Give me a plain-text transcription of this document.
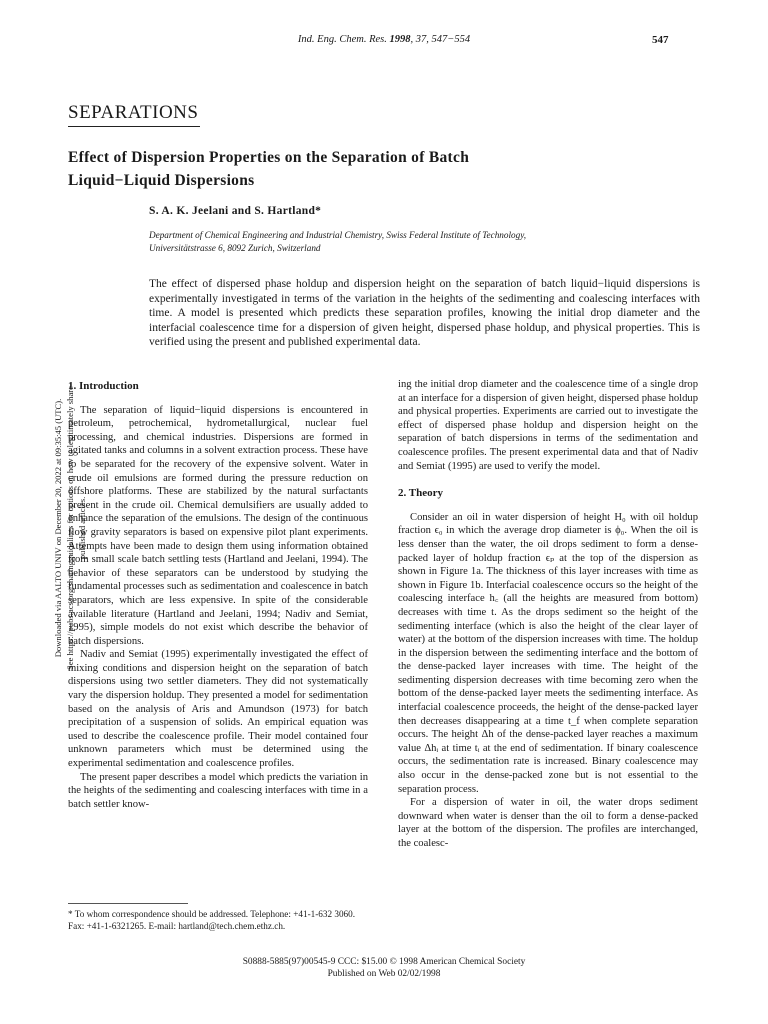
Ind. Eng. Chem. Res. 1998, 37, 547−554	547
SEPARATIONS
Effect of Dispersion Properties on the Separation of Batch
Liquid−Liquid Dispersions
S. A. K. Jeelani and S. Hartland*
Department of Chemical Engineering and Industrial Chemistry, Swiss Federal Institute of Technology,
Universitätstrasse 6, 8092 Zurich, Switzerland
The effect of dispersed phase holdup and dispersion height on the separation of batch liquid−liquid dispersions is experimentally investigated in terms of the variation in the heights of the sedimenting and coalescing interfaces with time. A model is presented which predicts these separation profiles, knowing the initial drop diameter and the interfacial coalescence time for a dispersion of given height, dispersed phase holdup, and physical properties. This is verified using the present and published experimental data.
Downloaded via AALTO UNIV on December 20, 2022 at 09:35:45 (UTC). See https://pubs.acs.org/sharingguidelines for options on how to legitimately share published articles.
1. Introduction

The separation of liquid−liquid dispersions is encountered in petroleum, petrochemical, hydrometallurgical, nuclear fuel processing, and chemical industries. Dispersions are formed in agitated tanks and columns in a solvent extraction process. These have to be separated for the recovery of the expensive solvent. Water in crude oil emulsions are formed during the pressure reduction on offshore platforms. These are stabilized by the natural surfactants present in the crude oil. Chemical demulsifiers are usually added to enhance the separation of the emulsions. The design of the continuous flow gravity separators is based on expensive pilot plant experiments. Attempts have been made to design them using information obtained from small scale batch settling tests (Hartland and Jeelani, 1994). The behavior of these separators can be understood by studying the fundamental processes such as sedimentation and coalescence in batch separators, which are less expensive. In spite of the considerable available literature (Hartland and Jeelani, 1994; Nadiv and Semiat, 1995), simple models do not exist which describe the behavior of batch dispersions.

Nadiv and Semiat (1995) experimentally investigated the effect of mixing conditions and dispersion height on the separation of batch dispersions using two settler diameters. They did not systematically vary the dispersion holdup. They presented a model for sedimentation based on the analysis of Aris and Amundson (1973) for batch precipitation of a suspension of solids. An empirical equation was used to describe the coalescence profile. Their model contained four unknown parameters which must be determined using the experimental sedimentation and coalescence profiles.

The present paper describes a model which predicts the variation in the heights of the sedimenting and coalescing interfaces with time in a batch settler know-

ing the initial drop diameter and the coalescence time of a single drop at an interface for a dispersion of given height, dispersed phase holdup and physical properties. Experiments are carried out to investigate the effect of dispersed phase holdup and dispersion height on the separation of batch dispersions in terms of the sedimentation and coalescence profiles. The present experimental data and that of Nadiv and Semiat (1995) are used to verify the model.

2. Theory

Consider an oil in water dispersion of height H₀ with oil holdup fraction ϵ₀ in which the average drop diameter is ϕ₀. When the oil is less denser than the water, the oil drops sediment to form a dense-packed layer of holdup fraction ϵₚ at the top of the dispersion as shown in Figure 1a. The thickness of this layer increases with time as shown in Figure 1b. Interfacial coalescence occurs so the height of the coalescing interface h꜀ (all the heights are measured from bottom) decreases with time t. As the drops sediment so the height of the sedimenting interface (which is also the height of the clear layer of water) at the bottom of the dispersion increases with time. The holdup in the dispersion between the sedimenting interface and the bottom of the dense-packed layer increases with time. The height of the sedimenting dispersion decreases with time becoming zero when the bottom of the dense-packed layer meets the sedimenting interface. As interfacial coalescence proceeds, the height of the dense-packed layer then decreases disappearing at a time t_f when complete separation occurs. The height Δh of the dense-packed layer reaches a maximum value Δhᵢ at time tᵢ at the end of sedimentation. If binary coalescence occurs, the sedimentation rate is increased. Binary coalescence may also occur in the dense-packed zone but is not essential to the separation process.

For a dispersion of water in oil, the water drops sediment downward when water is denser than the oil to form a dense-packed layer at the bottom of the dispersion. The profiles are interchanged, the coalesc-

* To whom correspondence should be addressed. Telephone: +41-1-632 3060. Fax: +41-1-6321265. E-mail: hartland@tech.chem.ethz.ch.
S0888-5885(97)00545-9 CCC: $15.00 © 1998 American Chemical Society
Published on Web 02/02/1998
